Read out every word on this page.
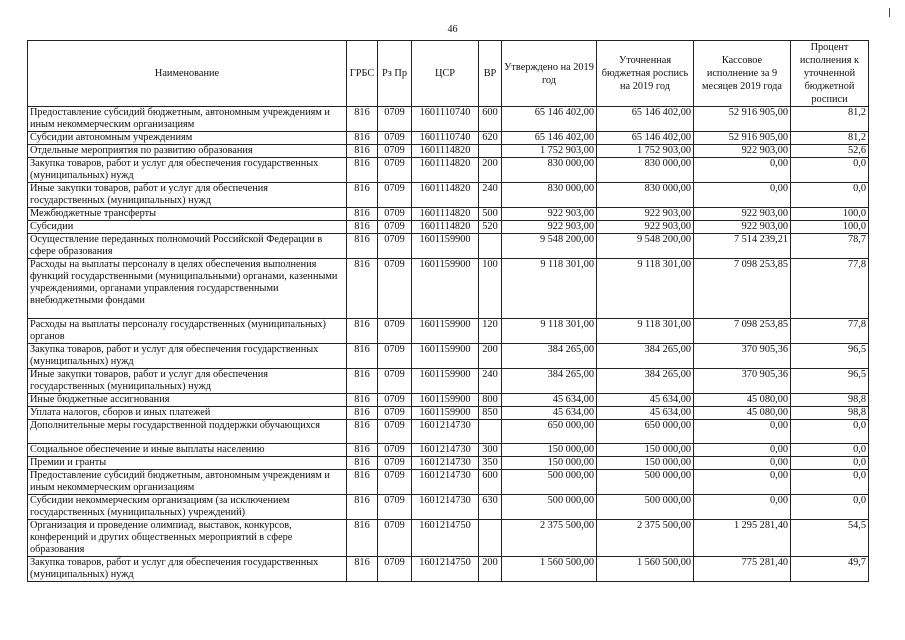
46
Наименование	ГРБС	Рз Пр	ЦСР	ВР	Утверждено на 2019 год	Уточненная бюджетная роспись на 2019 год	Кассовое исполнение за 9 месяцев 2019 года	Процент исполнения к уточненной бюджетной росписи
Предоставление субсидий бюджетным, автономным учреждениям и иным некоммерческим организациям	816	0709	1601110740	600	65 146 402,00	65 146 402,00	52 916 905,00	81,2
Субсидии автономным учреждениям	816	0709	1601110740	620	65 146 402,00	65 146 402,00	52 916 905,00	81,2
Отдельные мероприятия по развитию образования	816	0709	1601114820		1 752 903,00	1 752 903,00	922 903,00	52,6
Закупка товаров, работ и услуг для обеспечения государственных (муниципальных) нужд	816	0709	1601114820	200	830 000,00	830 000,00	0,00	0,0
Иные закупки товаров, работ и услуг для обеспечения государственных (муниципальных) нужд	816	0709	1601114820	240	830 000,00	830 000,00	0,00	0,0
Межбюджетные трансферты	816	0709	1601114820	500	922 903,00	922 903,00	922 903,00	100,0
Субсидии	816	0709	1601114820	520	922 903,00	922 903,00	922 903,00	100,0
Осуществление переданных полномочий Российской Федерации в сфере образования	816	0709	1601159900		9 548 200,00	9 548 200,00	7 514 239,21	78,7
Расходы на выплаты персоналу в целях обеспечения выполнения функций государственными (муниципальными) органами, казенными учреждениями, органами управления государственными внебюджетными фондами	816	0709	1601159900	100	9 118 301,00	9 118 301,00	7 098 253,85	77,8
Расходы на выплаты персоналу государственных (муниципальных) органов	816	0709	1601159900	120	9 118 301,00	9 118 301,00	7 098 253,85	77,8
Закупка товаров, работ и услуг для обеспечения государственных (муниципальных) нужд	816	0709	1601159900	200	384 265,00	384 265,00	370 905,36	96,5
Иные закупки товаров, работ и услуг для обеспечения государственных (муниципальных) нужд	816	0709	1601159900	240	384 265,00	384 265,00	370 905,36	96,5
Иные бюджетные ассигнования	816	0709	1601159900	800	45 634,00	45 634,00	45 080,00	98,8
Уплата налогов, сборов и иных платежей	816	0709	1601159900	850	45 634,00	45 634,00	45 080,00	98,8
Дополнительные меры государственной поддержки обучающихся	816	0709	1601214730		650 000,00	650 000,00	0,00	0,0
Социальное обеспечение и иные выплаты населению	816	0709	1601214730	300	150 000,00	150 000,00	0,00	0,0
Премии и гранты	816	0709	1601214730	350	150 000,00	150 000,00	0,00	0,0
Предоставление субсидий бюджетным, автономным учреждениям и иным некоммерческим организациям	816	0709	1601214730	600	500 000,00	500 000,00	0,00	0,0
Субсидии некоммерческим организациям (за исключением государственных (муниципальных) учреждений)	816	0709	1601214730	630	500 000,00	500 000,00	0,00	0,0
Организация и проведение олимпиад, выставок, конкурсов, конференций и других общественных мероприятий в сфере образования	816	0709	1601214750		2 375 500,00	2 375 500,00	1 295 281,40	54,5
Закупка товаров, работ и услуг для обеспечения государственных (муниципальных) нужд	816	0709	1601214750	200	1 560 500,00	1 560 500,00	775 281,40	49,7
